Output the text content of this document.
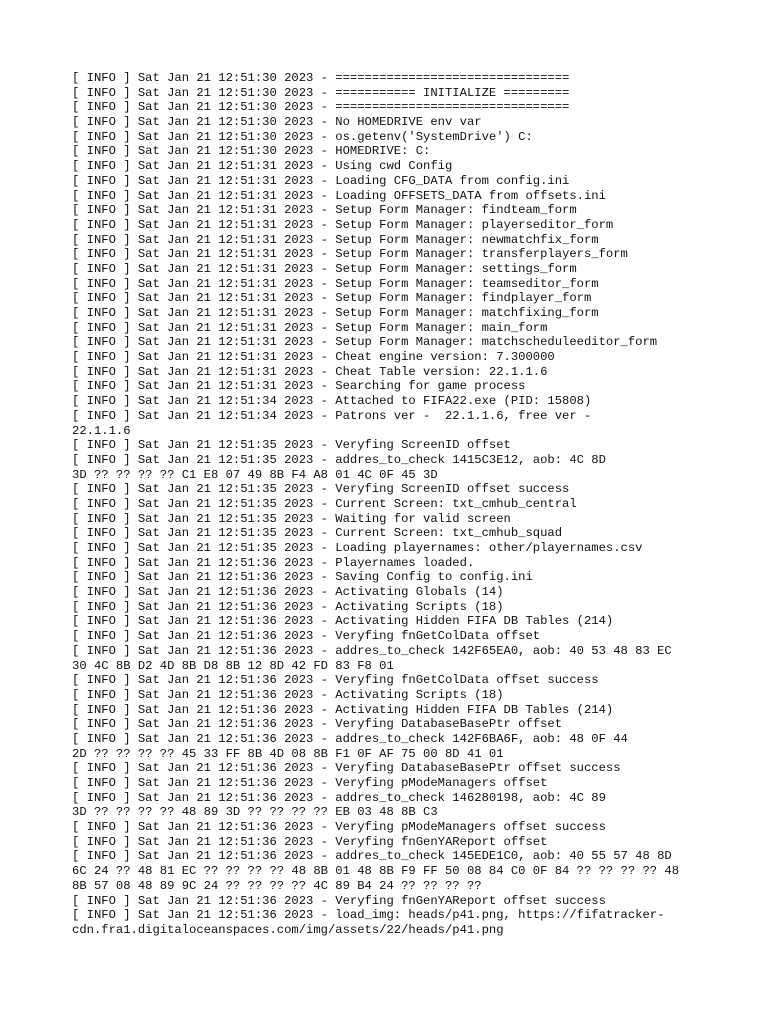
[ INFO ] Sat Jan 21 12:51:30 2023 - ================================
[ INFO ] Sat Jan 21 12:51:30 2023 - =========== INITIALIZE =========
[ INFO ] Sat Jan 21 12:51:30 2023 - ================================
[ INFO ] Sat Jan 21 12:51:30 2023 - No HOMEDRIVE env var
[ INFO ] Sat Jan 21 12:51:30 2023 - os.getenv('SystemDrive') C:
[ INFO ] Sat Jan 21 12:51:30 2023 - HOMEDRIVE: C:
[ INFO ] Sat Jan 21 12:51:31 2023 - Using cwd Config
[ INFO ] Sat Jan 21 12:51:31 2023 - Loading CFG_DATA from config.ini
[ INFO ] Sat Jan 21 12:51:31 2023 - Loading OFFSETS_DATA from offsets.ini
[ INFO ] Sat Jan 21 12:51:31 2023 - Setup Form Manager: findteam_form
[ INFO ] Sat Jan 21 12:51:31 2023 - Setup Form Manager: playerseditor_form
[ INFO ] Sat Jan 21 12:51:31 2023 - Setup Form Manager: newmatchfix_form
[ INFO ] Sat Jan 21 12:51:31 2023 - Setup Form Manager: transferplayers_form
[ INFO ] Sat Jan 21 12:51:31 2023 - Setup Form Manager: settings_form
[ INFO ] Sat Jan 21 12:51:31 2023 - Setup Form Manager: teamseditor_form
[ INFO ] Sat Jan 21 12:51:31 2023 - Setup Form Manager: findplayer_form
[ INFO ] Sat Jan 21 12:51:31 2023 - Setup Form Manager: matchfixing_form
[ INFO ] Sat Jan 21 12:51:31 2023 - Setup Form Manager: main_form
[ INFO ] Sat Jan 21 12:51:31 2023 - Setup Form Manager: matchscheduleeditor_form
[ INFO ] Sat Jan 21 12:51:31 2023 - Cheat engine version: 7.300000
[ INFO ] Sat Jan 21 12:51:31 2023 - Cheat Table version: 22.1.1.6
[ INFO ] Sat Jan 21 12:51:31 2023 - Searching for game process
[ INFO ] Sat Jan 21 12:51:34 2023 - Attached to FIFA22.exe (PID: 15808)
[ INFO ] Sat Jan 21 12:51:34 2023 - Patrons ver -  22.1.1.6, free ver -
22.1.1.6
[ INFO ] Sat Jan 21 12:51:35 2023 - Veryfing ScreenID offset
[ INFO ] Sat Jan 21 12:51:35 2023 - addres_to_check 1415C3E12, aob: 4C 8D
3D ?? ?? ?? ?? C1 E8 07 49 8B F4 A8 01 4C 0F 45 3D
[ INFO ] Sat Jan 21 12:51:35 2023 - Veryfing ScreenID offset success
[ INFO ] Sat Jan 21 12:51:35 2023 - Current Screen: txt_cmhub_central
[ INFO ] Sat Jan 21 12:51:35 2023 - Waiting for valid screen
[ INFO ] Sat Jan 21 12:51:35 2023 - Current Screen: txt_cmhub_squad
[ INFO ] Sat Jan 21 12:51:35 2023 - Loading playernames: other/playernames.csv
[ INFO ] Sat Jan 21 12:51:36 2023 - Playernames loaded.
[ INFO ] Sat Jan 21 12:51:36 2023 - Saving Config to config.ini
[ INFO ] Sat Jan 21 12:51:36 2023 - Activating Globals (14)
[ INFO ] Sat Jan 21 12:51:36 2023 - Activating Scripts (18)
[ INFO ] Sat Jan 21 12:51:36 2023 - Activating Hidden FIFA DB Tables (214)
[ INFO ] Sat Jan 21 12:51:36 2023 - Veryfing fnGetColData offset
[ INFO ] Sat Jan 21 12:51:36 2023 - addres_to_check 142F65EA0, aob: 40 53 48 83 EC
30 4C 8B D2 4D 8B D8 8B 12 8D 42 FD 83 F8 01
[ INFO ] Sat Jan 21 12:51:36 2023 - Veryfing fnGetColData offset success
[ INFO ] Sat Jan 21 12:51:36 2023 - Activating Scripts (18)
[ INFO ] Sat Jan 21 12:51:36 2023 - Activating Hidden FIFA DB Tables (214)
[ INFO ] Sat Jan 21 12:51:36 2023 - Veryfing DatabaseBasePtr offset
[ INFO ] Sat Jan 21 12:51:36 2023 - addres_to_check 142F6BA6F, aob: 48 0F 44
2D ?? ?? ?? ?? 45 33 FF 8B 4D 08 8B F1 0F AF 75 00 8D 41 01
[ INFO ] Sat Jan 21 12:51:36 2023 - Veryfing DatabaseBasePtr offset success
[ INFO ] Sat Jan 21 12:51:36 2023 - Veryfing pModeManagers offset
[ INFO ] Sat Jan 21 12:51:36 2023 - addres_to_check 146280198, aob: 4C 89
3D ?? ?? ?? ?? 48 89 3D ?? ?? ?? ?? EB 03 48 8B C3
[ INFO ] Sat Jan 21 12:51:36 2023 - Veryfing pModeManagers offset success
[ INFO ] Sat Jan 21 12:51:36 2023 - Veryfing fnGenYAReport offset
[ INFO ] Sat Jan 21 12:51:36 2023 - addres_to_check 145EDE1C0, aob: 40 55 57 48 8D
6C 24 ?? 48 81 EC ?? ?? ?? ?? 48 8B 01 48 8B F9 FF 50 08 84 C0 0F 84 ?? ?? ?? ?? 48
8B 57 08 48 89 9C 24 ?? ?? ?? ?? 4C 89 B4 24 ?? ?? ?? ??
[ INFO ] Sat Jan 21 12:51:36 2023 - Veryfing fnGenYAReport offset success
[ INFO ] Sat Jan 21 12:51:36 2023 - load_img: heads/p41.png, https://fifatracker-
cdn.fra1.digitaloceanspaces.com/img/assets/22/heads/p41.png
